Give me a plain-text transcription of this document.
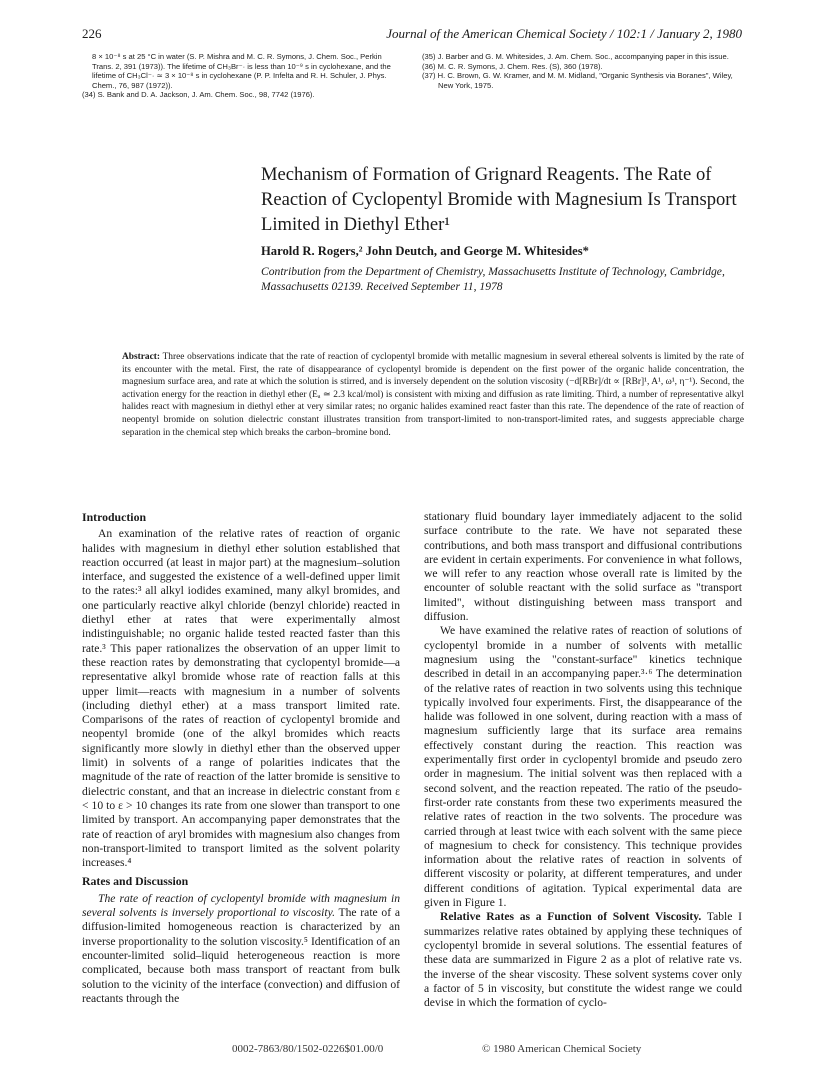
226	Journal of the American Chemical Society / 102:1 / January 2, 1980

8 × 10⁻⁸ s at 25 °C in water (S. P. Mishra and M. C. R. Symons, J. Chem. Soc., Perkin Trans. 2, 391 (1973)). The lifetime of CH₃Br⁻· is less than 10⁻⁹ s in cyclohexane, and the lifetime of CH₃Cl⁻· ≃ 3 × 10⁻⁸ s in cyclohexane (P. P. Infelta and R. H. Schuler, J. Phys. Chem., 76, 987 (1972)).

(34) S. Bank and D. A. Jackson, J. Am. Chem. Soc., 98, 7742 (1976).

(35) J. Barber and G. M. Whitesides, J. Am. Chem. Soc., accompanying paper in this issue.

(36) M. C. R. Symons, J. Chem. Res. (S), 360 (1978).

(37) H. C. Brown, G. W. Kramer, and M. M. Midland, "Organic Synthesis via Boranes", Wiley, New York, 1975.

Mechanism of Formation of Grignard Reagents. The Rate of Reaction of Cyclopentyl Bromide with Magnesium Is Transport Limited in Diethyl Ether¹

Harold R. Rogers,² John Deutch, and George M. Whitesides*

Contribution from the Department of Chemistry, Massachusetts Institute of Technology, Cambridge, Massachusetts 02139. Received September 11, 1978

Abstract: Three observations indicate that the rate of reaction of cyclopentyl bromide with metallic magnesium in several ethereal solvents is limited by the rate of its encounter with the metal. First, the rate of disappearance of cyclopentyl bromide is dependent on the first power of the organic halide concentration, the magnesium surface area, and rate at which the solution is stirred, and is inversely dependent on the solution viscosity (−d[RBr]/dt ∝ [RBr]¹, A¹, ω¹, η⁻¹). Second, the activation energy for the reaction in diethyl ether (Eₐ ≃ 2.3 kcal/mol) is consistent with mixing and diffusion as rate limiting. Third, a number of representative alkyl halides react with magnesium in diethyl ether at very similar rates; no organic halides examined react faster than this rate. The dependence of the rate of reaction of neopentyl bromide on solution dielectric constant illustrates transition from transport-limited to non-transport-limited rates, and suggests appreciable charge separation in the chemical step which breaks the carbon–bromine bond.

Introduction

An examination of the relative rates of reaction of organic halides with magnesium in diethyl ether solution established that reaction occurred (at least in major part) at the magnesium–solution interface, and suggested the existence of a well-defined upper limit to the rates:³ all alkyl iodides examined, many alkyl bromides, and one particularly reactive alkyl chloride (benzyl chloride) reacted in diethyl ether at rates that were experimentally almost indistinguishable; no organic halide tested reacted faster than this rate.³ This paper rationalizes the observation of an upper limit to these reaction rates by demonstrating that cyclopentyl bromide—a representative alkyl bromide whose rate of reaction falls at this upper limit—reacts with magnesium in a number of solvents (including diethyl ether) at a mass transport limited rate. Comparisons of the rates of reaction of cyclopentyl bromide and neopentyl bromide (one of the alkyl bromides which reacts significantly more slowly in diethyl ether than the observed upper limit) in solvents of a range of polarities indicates that the magnitude of the rate of reaction of the latter bromide is sensitive to dielectric constant, and that an increase in dielectric constant from ε < 10 to ε > 10 changes its rate from one slower than transport to one limited by transport. An accompanying paper demonstrates that the rate of reaction of aryl bromides with magnesium also changes from non-transport-limited to transport limited as the solvent polarity increases.⁴

Rates and Discussion

The rate of reaction of cyclopentyl bromide with magnesium in several solvents is inversely proportional to viscosity. The rate of a diffusion-limited homogeneous reaction is characterized by an inverse proportionality to the solution viscosity.⁵ Identification of an encounter-limited solid–liquid heterogeneous reaction is more complicated, because both mass transport of reactant from bulk solution to the vicinity of the interface (convection) and diffusion of reactants through the

stationary fluid boundary layer immediately adjacent to the solid surface contribute to the rate. We have not separated these contributions, and both mass transport and diffusional contributions are evident in certain experiments. For convenience in what follows, we will refer to any reaction whose overall rate is limited by the encounter of soluble reactant with the solid surface as "transport limited", without distinguishing between mass transport and diffusion.

We have examined the relative rates of reaction of solutions of cyclopentyl bromide in a number of solvents with metallic magnesium using the "constant-surface" kinetics technique described in detail in an accompanying paper.³·⁶ The determination of the relative rates of reaction in two solvents using this technique typically involved four experiments. First, the disappearance of the halide was followed in one solvent, during reaction with a mass of magnesium sufficiently large that its surface area remains effectively constant during the reaction. This reaction was experimentally first order in cyclopentyl bromide and pseudo zero order in magnesium. The initial solvent was then replaced with a second solvent, and the reaction repeated. The ratio of the pseudo-first-order rate constants from these two experiments measured the relative rates of reaction in the two solvents. The procedure was carried through at least twice with each solvent with the same piece of magnesium to check for consistency. This technique provides information about the relative rates of reaction in solvents of different viscosity or polarity, at different temperatures, and under different conditions of agitation. Typical experimental data are given in Figure 1.

Relative Rates as a Function of Solvent Viscosity. Table I summarizes relative rates obtained by applying these techniques of cyclopentyl bromide in several solutions. The essential features of these data are summarized in Figure 2 as a plot of relative rate vs. the inverse of the shear viscosity. These solvent systems cover only a factor of 5 in viscosity, but constitute the widest range we could devise in which the formation of cyclo-

0002-7863/80/1502-0226$01.00/0	© 1980 American Chemical Society
